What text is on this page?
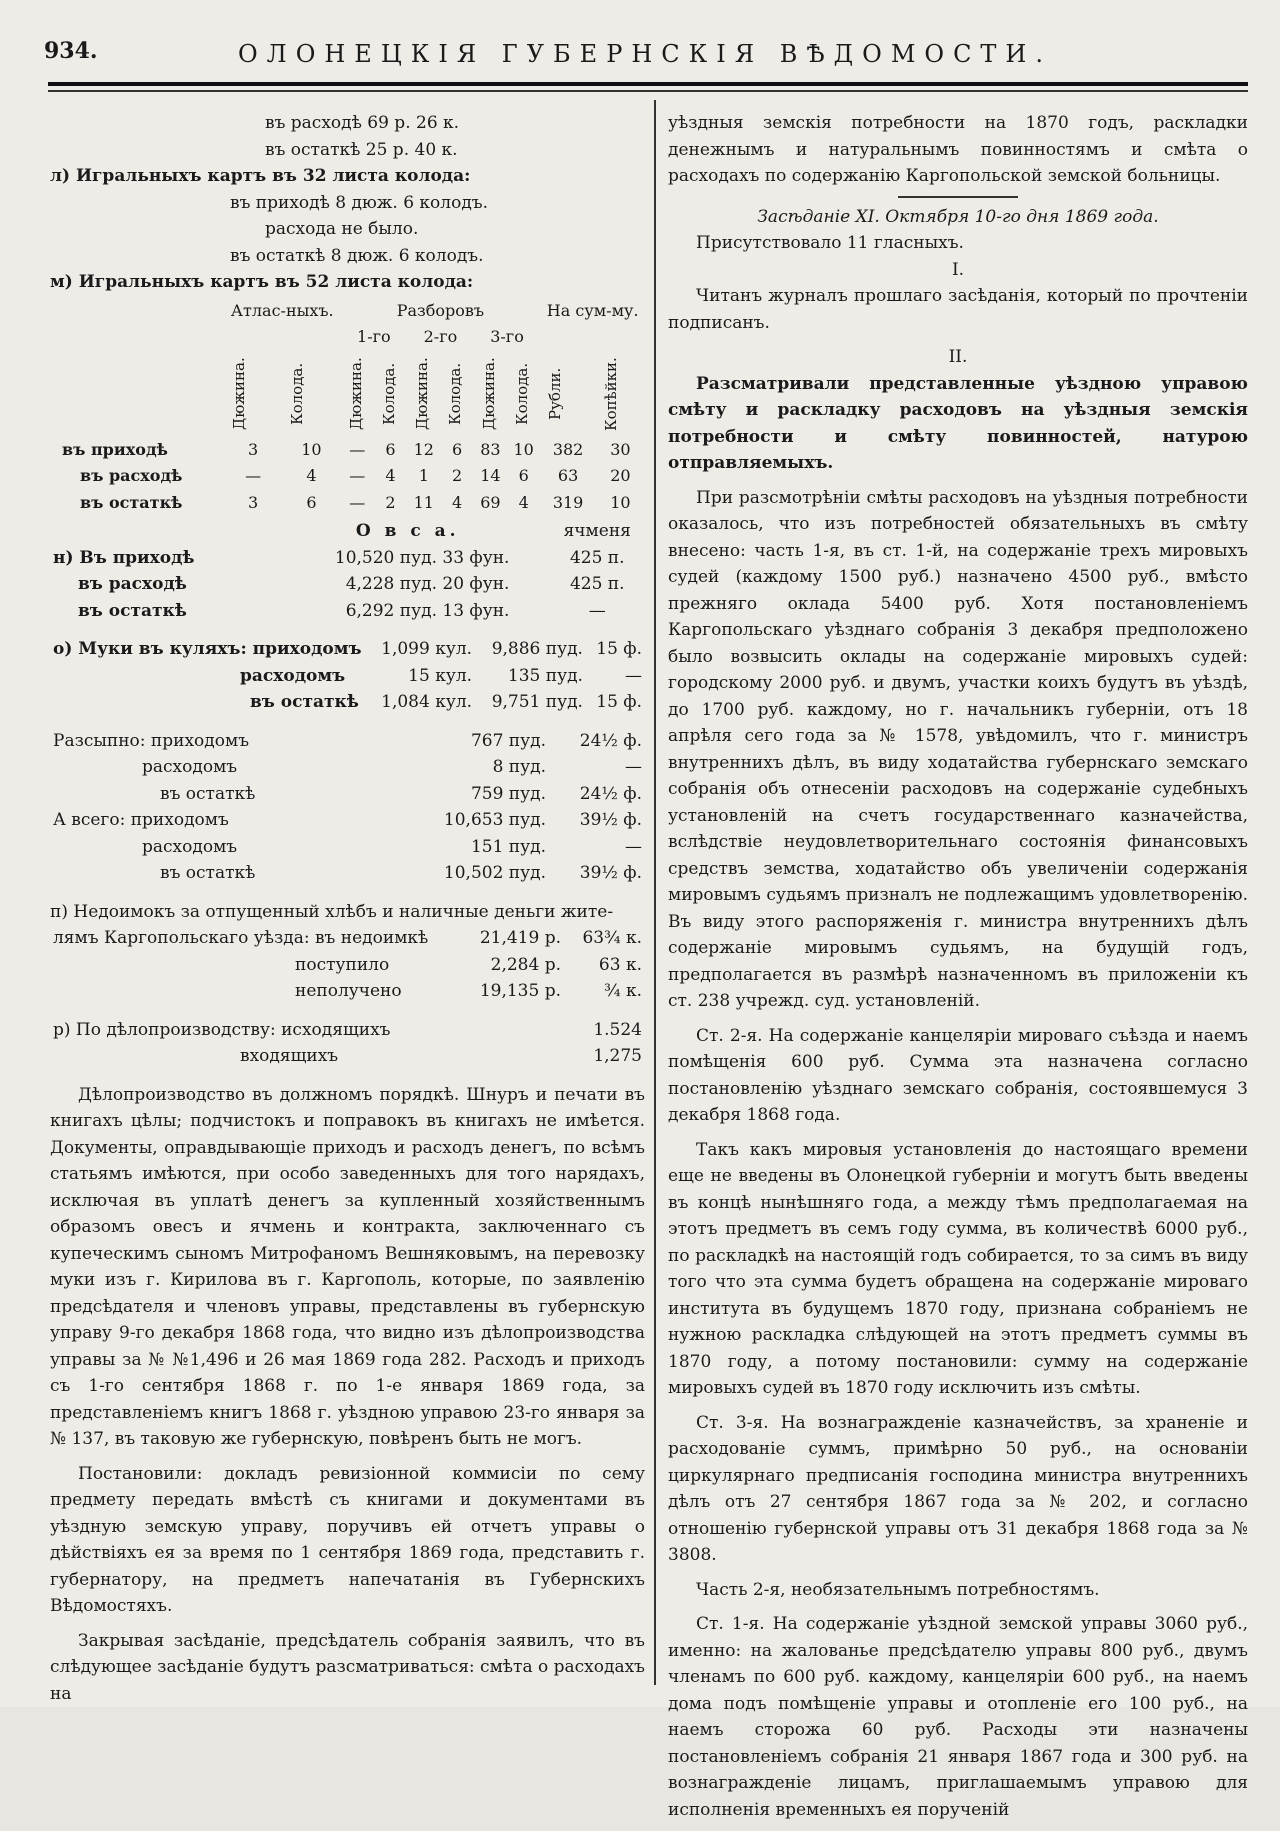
934.	ОЛОНЕЦКІЯ ГУБЕРНСКІЯ ВѢДОМОСТИ.
въ расходѣ 69 р. 26 к.
въ остаткѣ 25 р. 40 к.
л) Игральныхъ картъ въ 32 листа колода:
въ приходѣ 8 дюж. 6 колодъ.
расхода не было.
въ остаткѣ 8 дюж. 6 колодъ.
м) Игральныхъ картъ въ 52 листа колода:
	Атлас-ныхъ.		Разборовъ						На сум-му.	
			1-го		2-го		3-го			

	Дюжина.	Колода.	Дюжина.	Колода.	Дюжина.	Колода.	Дюжина.	Колода.	Рубли.	Копѣйки.

въ приходѣ	3	10	—	6	12	6	83	10	382	30
въ расходѣ	—	4	—	4	1	2	14	6	63	20
въ остаткѣ	3	6	—	2	11	4	69	4	319	10
	О в с а.	ячменя
н) Въ приходѣ	10,520 пуд. 33 фун.	425 п.
въ расходѣ	4,228 пуд. 20 фун.	425 п.
въ остаткѣ	6,292 пуд. 13 фун.	—
о) Муки въ куляхъ: приходомъ	1,099 кул.	9,886 пуд.	15 ф.
расходомъ	15 кул.	135 пуд.	—
въ остаткѣ	1,084 кул.	9,751 пуд.	15 ф.
Разсыпно: приходомъ	767 пуд.	24½ ф.
расходомъ	8 пуд.	—
въ остаткѣ	759 пуд.	24½ ф.
А всего: приходомъ	10,653 пуд.	39½ ф.
расходомъ	151 пуд.	—
въ остаткѣ	10,502 пуд.	39½ ф.
п) Недоимокъ за отпущенный хлѣбъ и наличные деньги жите-
лямъ Каргопольскаго уѣзда: въ недоимкѣ	21,419 р.	63¾ к.
поступило	2,284 р.	63 к.
неполучено	19,135 р.	¾ к.
р) По дѣлопроизводству: исходящихъ	1.524
входящихъ	1,275

Дѣлопроизводство въ должномъ порядкѣ. Шнуръ и печати въ книгахъ цѣлы; подчистокъ и поправокъ въ книгахъ не имѣется. Документы, оправдывающіе приходъ и расходъ денегъ, по всѣмъ статьямъ имѣются, при особо заведенныхъ для того нарядахъ, исключая въ уплатѣ денегъ за купленный хозяйственнымъ образомъ овесъ и ячмень и контракта, заключеннаго съ купеческимъ сыномъ Митрофаномъ Вешняковымъ, на перевозку муки изъ г. Кирилова въ г. Каргополь, которые, по заявленію предсѣдателя и членовъ управы, представлены въ губернскую управу 9-го декабря 1868 года, что видно изъ дѣлопроизводства управы за № №1,496 и 26 мая 1869 года 282. Расходъ и приходъ съ 1-го сентября 1868 г. по 1-е января 1869 года, за представленіемъ книгъ 1868 г. уѣздною управою 23-го января за № 137, въ таковую же губернскую, повѣренъ быть не могъ.

Постановили: докладъ ревизіонной коммисіи по сему предмету передать вмѣстѣ съ книгами и документами въ уѣздную земскую управу, поручивъ ей отчетъ управы о дѣйствіяхъ ея за время по 1 сентября 1869 года, представить г. губернатору, на предметъ напечатанія въ Губернскихъ Вѣдомостяхъ.

Закрывая засѣданіе, предсѣдатель собранія заявилъ, что въ слѣдующее засѣданіе будутъ разсматриваться: смѣта о расходахъ на

уѣздныя земскія потребности на 1870 годъ, раскладки денежнымъ и натуральнымъ повинностямъ и смѣта о расходахъ по содержанію Каргопольской земской больницы.

Засѣданіе XI. Октября 10-го дня 1869 года.
Присутствовало 11 гласныхъ.
I.

Читанъ журналъ прошлаго засѣданія, который по прочтеніи подписанъ.

II.

Разсматривали представленные уѣздною управою смѣту и раскладку расходовъ на уѣздныя земскія потребности и смѣту повинностей, натурою отправляемыхъ.

При разсмотрѣніи смѣты расходовъ на уѣздныя потребности оказалось, что изъ потребностей обязательныхъ въ смѣту внесено: часть 1-я, въ ст. 1-й, на содержаніе трехъ мировыхъ судей (каждому 1500 руб.) назначено 4500 руб., вмѣсто прежняго оклада 5400 руб. Хотя постановленіемъ Каргопольскаго уѣзднаго собранія 3 декабря предположено было возвысить оклады на содержаніе мировыхъ судей: городскому 2000 руб. и двумъ, участки коихъ будутъ въ уѣздѣ, до 1700 руб. каждому, но г. начальникъ губерніи, отъ 18 апрѣля сего года за № 1578, увѣдомилъ, что г. министръ внутреннихъ дѣлъ, въ виду ходатайства губернскаго земскаго собранія объ отнесеніи расходовъ на содержаніе судебныхъ установленій на счетъ государственнаго казначейства, вслѣдствіе неудовлетворительнаго состоянія финансовыхъ средствъ земства, ходатайство объ увеличеніи содержанія мировымъ судьямъ призналъ не подлежащимъ удовлетворенію. Въ виду этого распоряженія г. министра внутреннихъ дѣлъ содержаніе мировымъ судьямъ, на будущій годъ, предполагается въ размѣрѣ назначенномъ въ приложеніи къ ст. 238 учрежд. суд. установленій.

Ст. 2-я. На содержаніе канцеляріи мироваго съѣзда и наемъ помѣщенія 600 руб. Сумма эта назначена согласно постановленію уѣзднаго земскаго собранія, состоявшемуся 3 декабря 1868 года.

Такъ какъ мировыя установленія до настоящаго времени еще не введены въ Олонецкой губерніи и могутъ быть введены въ концѣ нынѣшняго года, а между тѣмъ предполагаемая на этотъ предметъ въ семъ году сумма, въ количествѣ 6000 руб., по раскладкѣ на настоящій годъ собирается, то за симъ въ виду того что эта сумма будетъ обращена на содержаніе мироваго института въ будущемъ 1870 году, признана собраніемъ не нужною раскладка слѣдующей на этотъ предметъ суммы въ 1870 году, а потому постановили: сумму на содержаніе мировыхъ судей въ 1870 году исключить изъ смѣты.

Ст. 3-я. На вознагражденіе казначействъ, за храненіе и расходованіе суммъ, примѣрно 50 руб., на основаніи циркулярнаго предписанія господина министра внутреннихъ дѣлъ отъ 27 сентября 1867 года за № 202, и согласно отношенію губернской управы отъ 31 декабря 1868 года за № 3808.

Часть 2-я, необязательнымъ потребностямъ.

Ст. 1-я. На содержаніе уѣздной земской управы 3060 руб., именно: на жалованье предсѣдателю управы 800 руб., двумъ членамъ по 600 руб. каждому, канцеляріи 600 руб., на наемъ дома подъ помѣщеніе управы и отопленіе его 100 руб., на наемъ сторожа 60 руб. Расходы эти назначены постановленіемъ собранія 21 января 1867 года и 300 руб. на вознагражденіе лицамъ, приглашаемымъ управою для исполненія временныхъ ея порученій
